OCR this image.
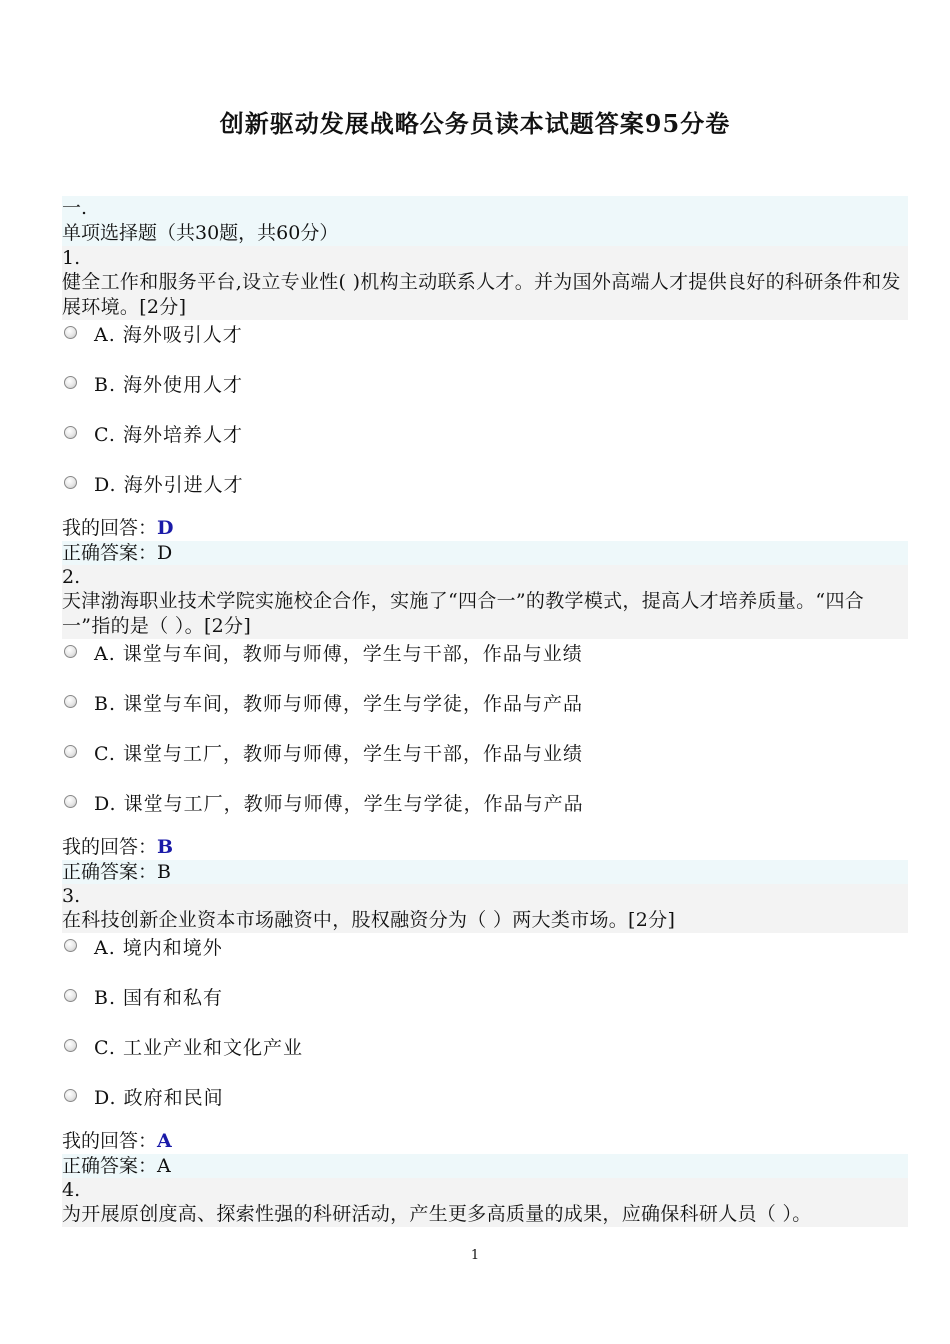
创新驱动发展战略公务员读本试题答案95分卷
一.
单项选择题（共30题，共60分）
1.
健全工作和服务平台,设立专业性( )机构主动联系人才。并为国外高端人才提供良好的科研条件和发展环境。[2分]
A. 海外吸引人才
B. 海外使用人才
C. 海外培养人才
D. 海外引进人才
我的回答：D
正确答案：D
2.
天津渤海职业技术学院实施校企合作，实施了“四合一”的教学模式，提高人才培养质量。“四合一”指的是（ ）。[2分]
A. 课堂与车间，教师与师傅，学生与干部，作品与业绩
B. 课堂与车间，教师与师傅，学生与学徒，作品与产品
C. 课堂与工厂，教师与师傅，学生与干部，作品与业绩
D. 课堂与工厂，教师与师傅，学生与学徒，作品与产品
我的回答：B
正确答案：B
3.
在科技创新企业资本市场融资中，股权融资分为（ ）两大类市场。[2分]
A. 境内和境外
B. 国有和私有
C. 工业产业和文化产业
D. 政府和民间
我的回答：A
正确答案：A
4.
为开展原创度高、探索性强的科研活动，产生更多高质量的成果，应确保科研人员（ ）。
1
